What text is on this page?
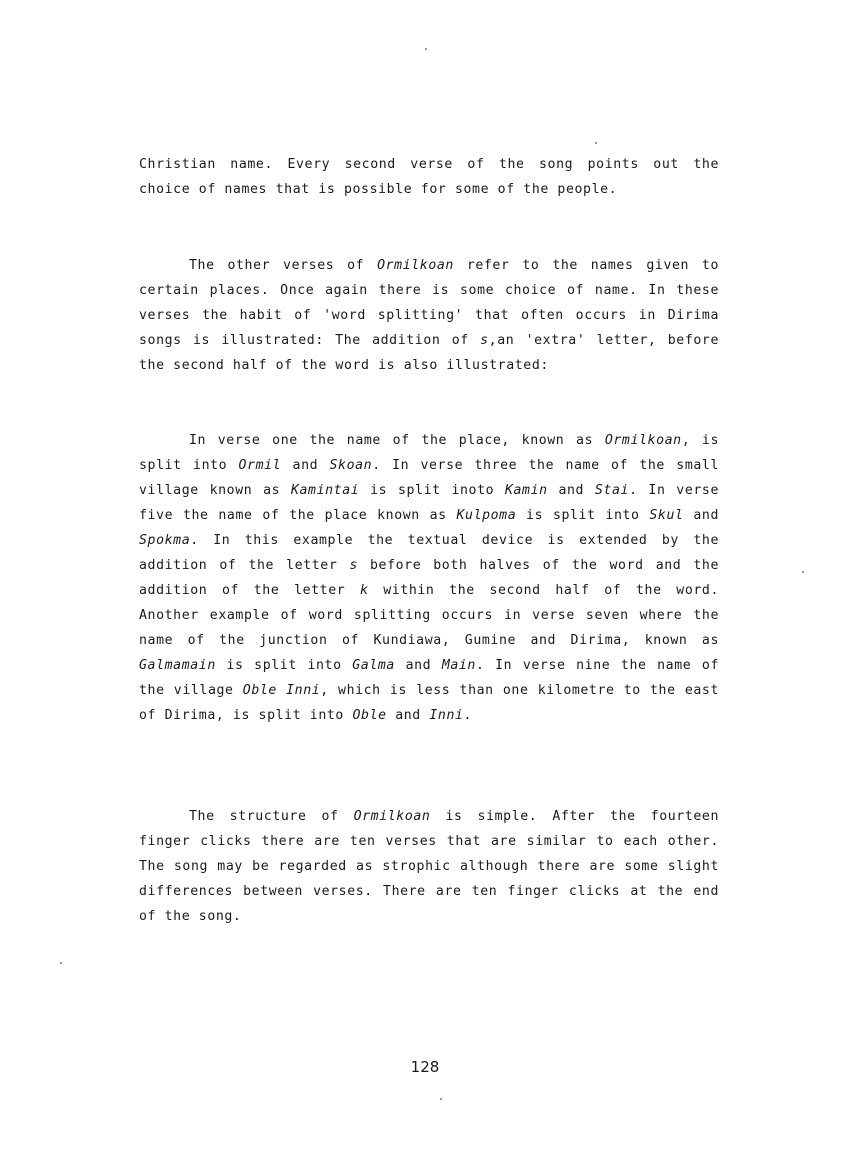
Christian name. Every second verse of the song points out the choice of names that is possible for some of the people.

The other verses of Ormilkoan refer to the names given to certain places. Once again there is some choice of name. In these verses the habit of 'word splitting' that often occurs in Dirima songs is illustrated: The addition of s,an 'extra' letter, before the second half of the word is also illustrated:

In verse one the name of the place, known as Ormilkoan, is split into Ormil and Skoan. In verse three the name of the small village known as Kamintai is split inoto Kamin and Stai. In verse five the name of the place known as Kulpoma is split into Skul and Spokma. In this example the textual device is extended by the addition of the letter s before both halves of the word and the addition of the letter k within the second half of the word. Another example of word splitting occurs in verse seven where the name of the junction of Kundiawa, Gumine and Dirima, known as Galmamain is split into Galma and Main. In verse nine the name of the village Oble Inni, which is less than one kilometre to the east of Dirima, is split into Oble and Inni.

The structure of Ormilkoan is simple. After the fourteen finger clicks there are ten verses that are similar to each other. The song may be regarded as strophic although there are some slight differences between verses. There are ten finger clicks at the end of the song.

128
